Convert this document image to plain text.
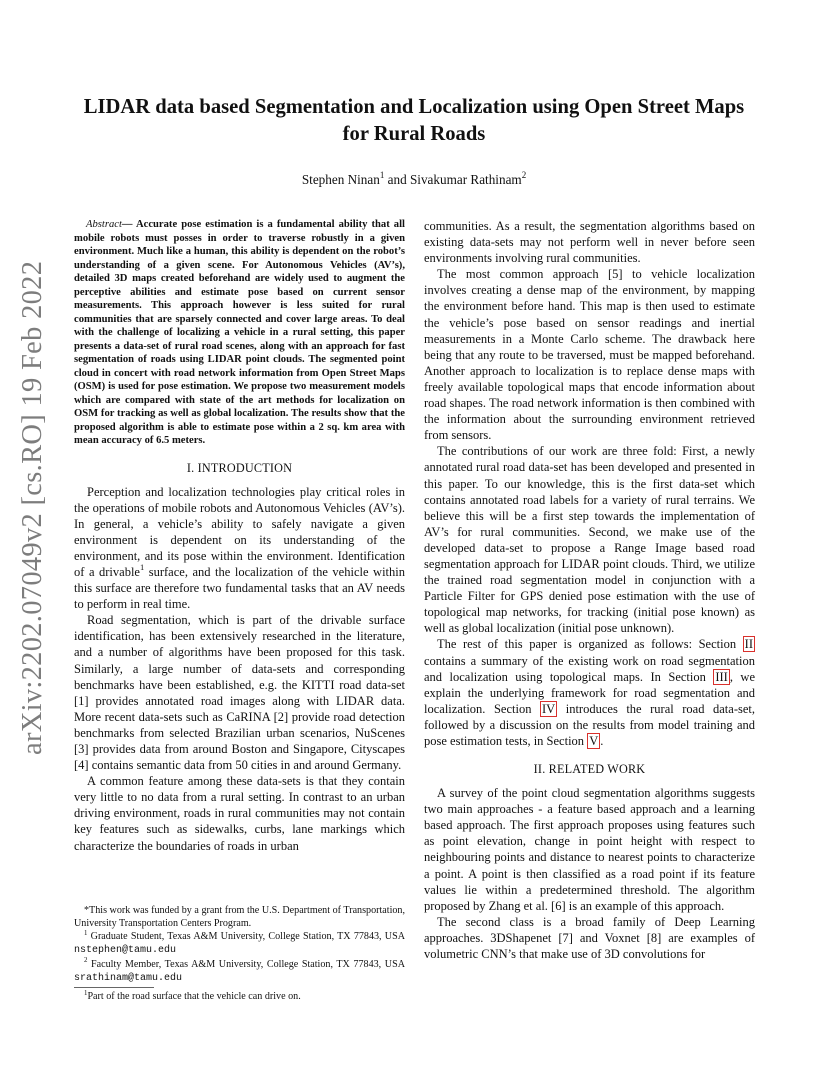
arXiv:2202.07049v2 [cs.RO] 19 Feb 2022
LIDAR data based Segmentation and Localization using Open Street Maps for Rural Roads
Stephen Ninan$^1$ and Sivakumar Rathinam$^2$

Abstract— Accurate pose estimation is a fundamental ability that all mobile robots must posses in order to traverse robustly in a given environment. Much like a human, this ability is dependent on the robot’s understanding of a given scene. For Autonomous Vehicles (AV’s), detailed 3D maps created beforehand are widely used to augment the perceptive abilities and estimate pose based on current sensor measurements. This approach however is less suited for rural communities that are sparsely connected and cover large areas. To deal with the challenge of localizing a vehicle in a rural setting, this paper presents a data-set of rural road scenes, along with an approach for fast segmentation of roads using LIDAR point clouds. The segmented point cloud in concert with road network information from Open Street Maps (OSM) is used for pose estimation. We propose two measurement models which are compared with state of the art methods for localization on OSM for tracking as well as global localization. The results show that the proposed algorithm is able to estimate pose within a 2 sq. km area with mean accuracy of 6.5 meters.

I. INTRODUCTION

Perception and localization technologies play critical roles in the operations of mobile robots and Autonomous Vehicles (AV’s). In general, a vehicle’s ability to safely navigate a given environment is dependent on its understanding of the environment, and its pose within the environment. Identification of a drivable$^1$ surface, and the localization of the vehicle within this surface are therefore two fundamental tasks that an AV needs to perform in real time.

Road segmentation, which is part of the drivable surface identification, has been extensively researched in the literature, and a number of algorithms have been proposed for this task. Similarly, a large number of data-sets and corresponding benchmarks have been established, e.g. the KITTI road data-set [1] provides annotated road images along with LIDAR data. More recent data-sets such as CaRINA [2] provide road detection benchmarks from selected Brazilian urban scenarios, NuScenes [3] provides data from around Boston and Singapore, Cityscapes [4] contains semantic data from 50 cities in and around Germany.

A common feature among these data-sets is that they contain very little to no data from a rural setting. In contrast to an urban driving environment, roads in rural communities may not contain key features such as sidewalks, curbs, lane markings which characterize the boundaries of roads in urban

*This work was funded by a grant from the U.S. Department of Transportation, University Transportation Centers Program.

$^1$ Graduate Student, Texas A&M University, College Station, TX 77843, USA nstephen@tamu.edu

$^2$ Faculty Member, Texas A&M University, College Station, TX 77843, USA srathinam@tamu.edu

$^1$Part of the road surface that the vehicle can drive on.

communities. As a result, the segmentation algorithms based on existing data-sets may not perform well in never before seen environments involving rural communities.

The most common approach [5] to vehicle localization involves creating a dense map of the environment, by mapping the environment before hand. This map is then used to estimate the vehicle’s pose based on sensor readings and inertial measurements in a Monte Carlo scheme. The drawback here being that any route to be traversed, must be mapped beforehand. Another approach to localization is to replace dense maps with freely available topological maps that encode information about road shapes. The road network information is then combined with the information about the surrounding environment retrieved from sensors.

The contributions of our work are three fold: First, a newly annotated rural road data-set has been developed and presented in this paper. To our knowledge, this is the first data-set which contains annotated road labels for a variety of rural terrains. We believe this will be a first step towards the implementation of AV’s for rural communities. Second, we make use of the developed data-set to propose a Range Image based road segmentation approach for LIDAR point clouds. Third, we utilize the trained road segmentation model in conjunction with a Particle Filter for GPS denied pose estimation with the use of topological map networks, for tracking (initial pose known) as well as global localization (initial pose unknown).

The rest of this paper is organized as follows: Section II contains a summary of the existing work on road segmentation and localization using topological maps. In Section III , we explain the underlying framework for road segmentation and localization. Section IV introduces the rural road data-set, followed by a discussion on the results from model training and pose estimation tests, in Section V .

II. RELATED WORK

A survey of the point cloud segmentation algorithms suggests two main approaches - a feature based approach and a learning based approach. The first approach proposes using features such as point elevation, change in point height with respect to neighbouring points and distance to nearest points to characterize a point. A point is then classified as a road point if its feature values lie within a predetermined threshold. The algorithm proposed by Zhang et al. [6] is an example of this approach.

The second class is a broad family of Deep Learning approaches. 3DShapenet [7] and Voxnet [8] are examples of volumetric CNN’s that make use of 3D convolutions for
